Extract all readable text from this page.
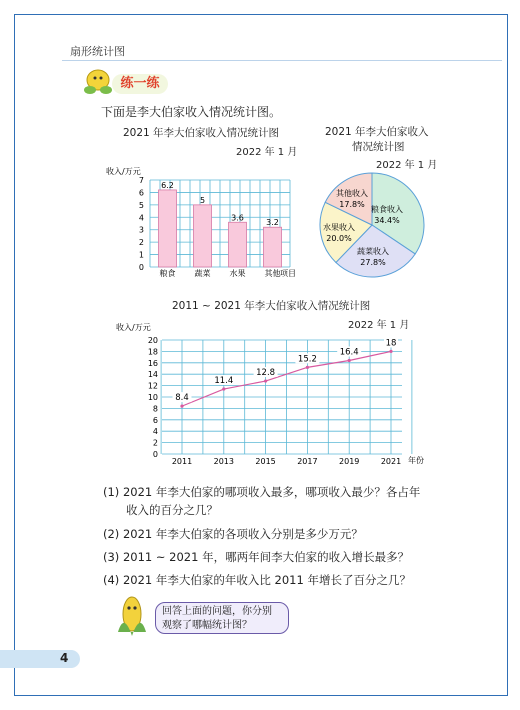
扇形统计图
练一练
下面是李大伯家收入情况统计图。
2021 年李大伯家收入情况统计图
2022 年 1 月
收入/万元
0
1
2
3
4
5
6
7
6.2
粮食
5
蔬菜
3.6
水果
3.2
其他 项目
2021 年李大伯家收入
情况统计图
2022 年 1 月
粮食收入
34.4%
蔬菜收入
27.8%
水果收入
20.0%
其他收入
17.8%
2011 ~ 2021 年李大伯家收入情况统计图
2022 年 1 月
收入/万元
0
2
4
6
8
10
12
14
16
18
20
2011	2013	2015	2017	2019	2021
8.4
11.4
12.8
15.2
16.4
18
年份
(1) 2021 年李大伯家的哪项收入最多，哪项收入最少？各占年
收入的百分之几？
(2) 2021 年李大伯家的各项收入分别是多少万元？
(3) 2011 ~ 2021 年，哪两年间李大伯家的收入增长最多？
(4) 2021 年李大伯家的年收入比 2011 年增长了百分之几？
回答上面的问题，你分别
观察了哪幅统计图？
4
